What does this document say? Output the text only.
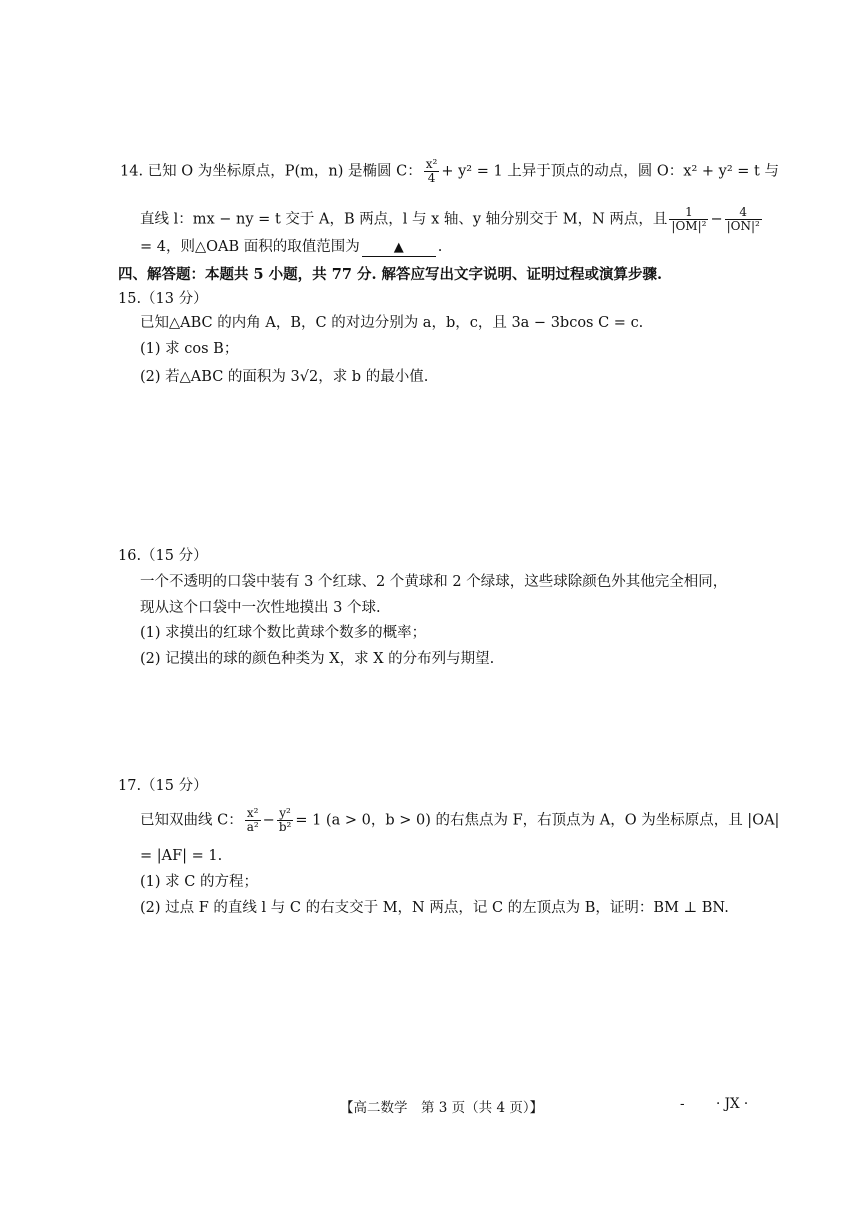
14. 已知 O 为坐标原点，P(m，n) 是椭圆 C： $\frac{\text{x²}}{4} + y^2 = 1$ 上异于顶点的动点，圆 O：x² + y² = t 与
直线 l：mx − ny = t 交于 A，B 两点，l 与 x 轴、y 轴分别交于 M，N 两点，且 $\frac{1}{\text{|OM|²}} - \frac{4}{\text{|ON|²}}$
= 4，则△OAB 面积的取值范围为	▲ .
四、解答题：本题共 5 小题，共 77 分. 解答应写出文字说明、证明过程或演算步骤.
15.（13 分）
已知△ABC 的内角 A，B，C 的对边分别为 a，b，c，且 3a − 3bcos C = c.
(1) 求 cos B；
(2) 若△ABC 的面积为 3√2，求 b 的最小值.
16.（15 分）
一个不透明的口袋中装有 3 个红球、2 个黄球和 2 个绿球，这些球除颜色外其他完全相同，
现从这个口袋中一次性地摸出 3 个球.
(1) 求摸出的红球个数比黄球个数多的概率；
(2) 记摸出的球的颜色种类为 X，求 X 的分布列与期望.
17.（15 分）
已知双曲线 C： $\frac{\text{x²}}{\text{a²}} - \frac{\text{y²}}{\text{b²}} = 1$ (a > 0，b > 0) 的右焦点为 F，右顶点为 A，O 为坐标原点，且 |OA|
= |AF| = 1.
(1) 求 C 的方程；
(2) 过点 F 的直线 l 与 C 的右支交于 M，N 两点，记 C 的左顶点为 B，证明：BM ⊥ BN.
【高二数学　第 3 页（共 4 页）】	- · JX ·
